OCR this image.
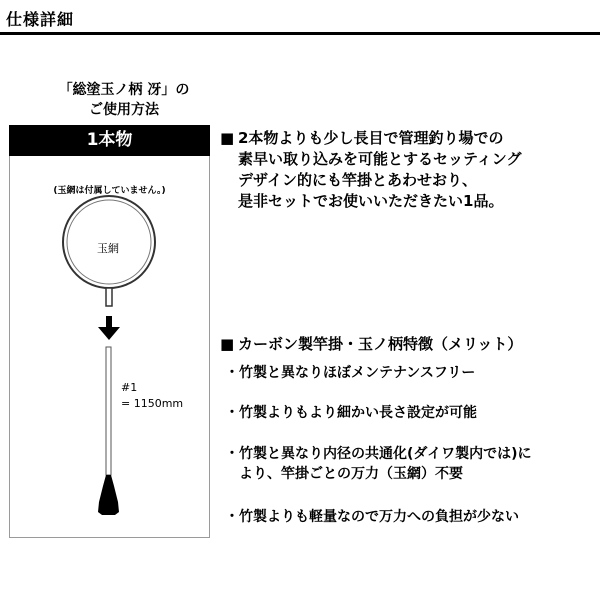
仕様詳細
「総塗玉ノ柄 冴」の
ご使用方法
1本物
(玉網は付属していません。)
玉網
#1
= 1150mm
■ 2本物よりも少し長目で管理釣り場での
素早い取り込みを可能とするセッティング
デザイン的にも竿掛とあわせおり、
是非セットでお使いいただきたい1品。
■ カーボン製竿掛・玉ノ柄特徴（メリット）
・竹製と異なりほぼメンテナンスフリー
・竹製よりもより細かい長さ設定が可能
・竹製と異なり内径の共通化(ダイワ製内では)に
より、竿掛ごとの万力（玉網）不要
・竹製よりも軽量なので万力への負担が少ない
